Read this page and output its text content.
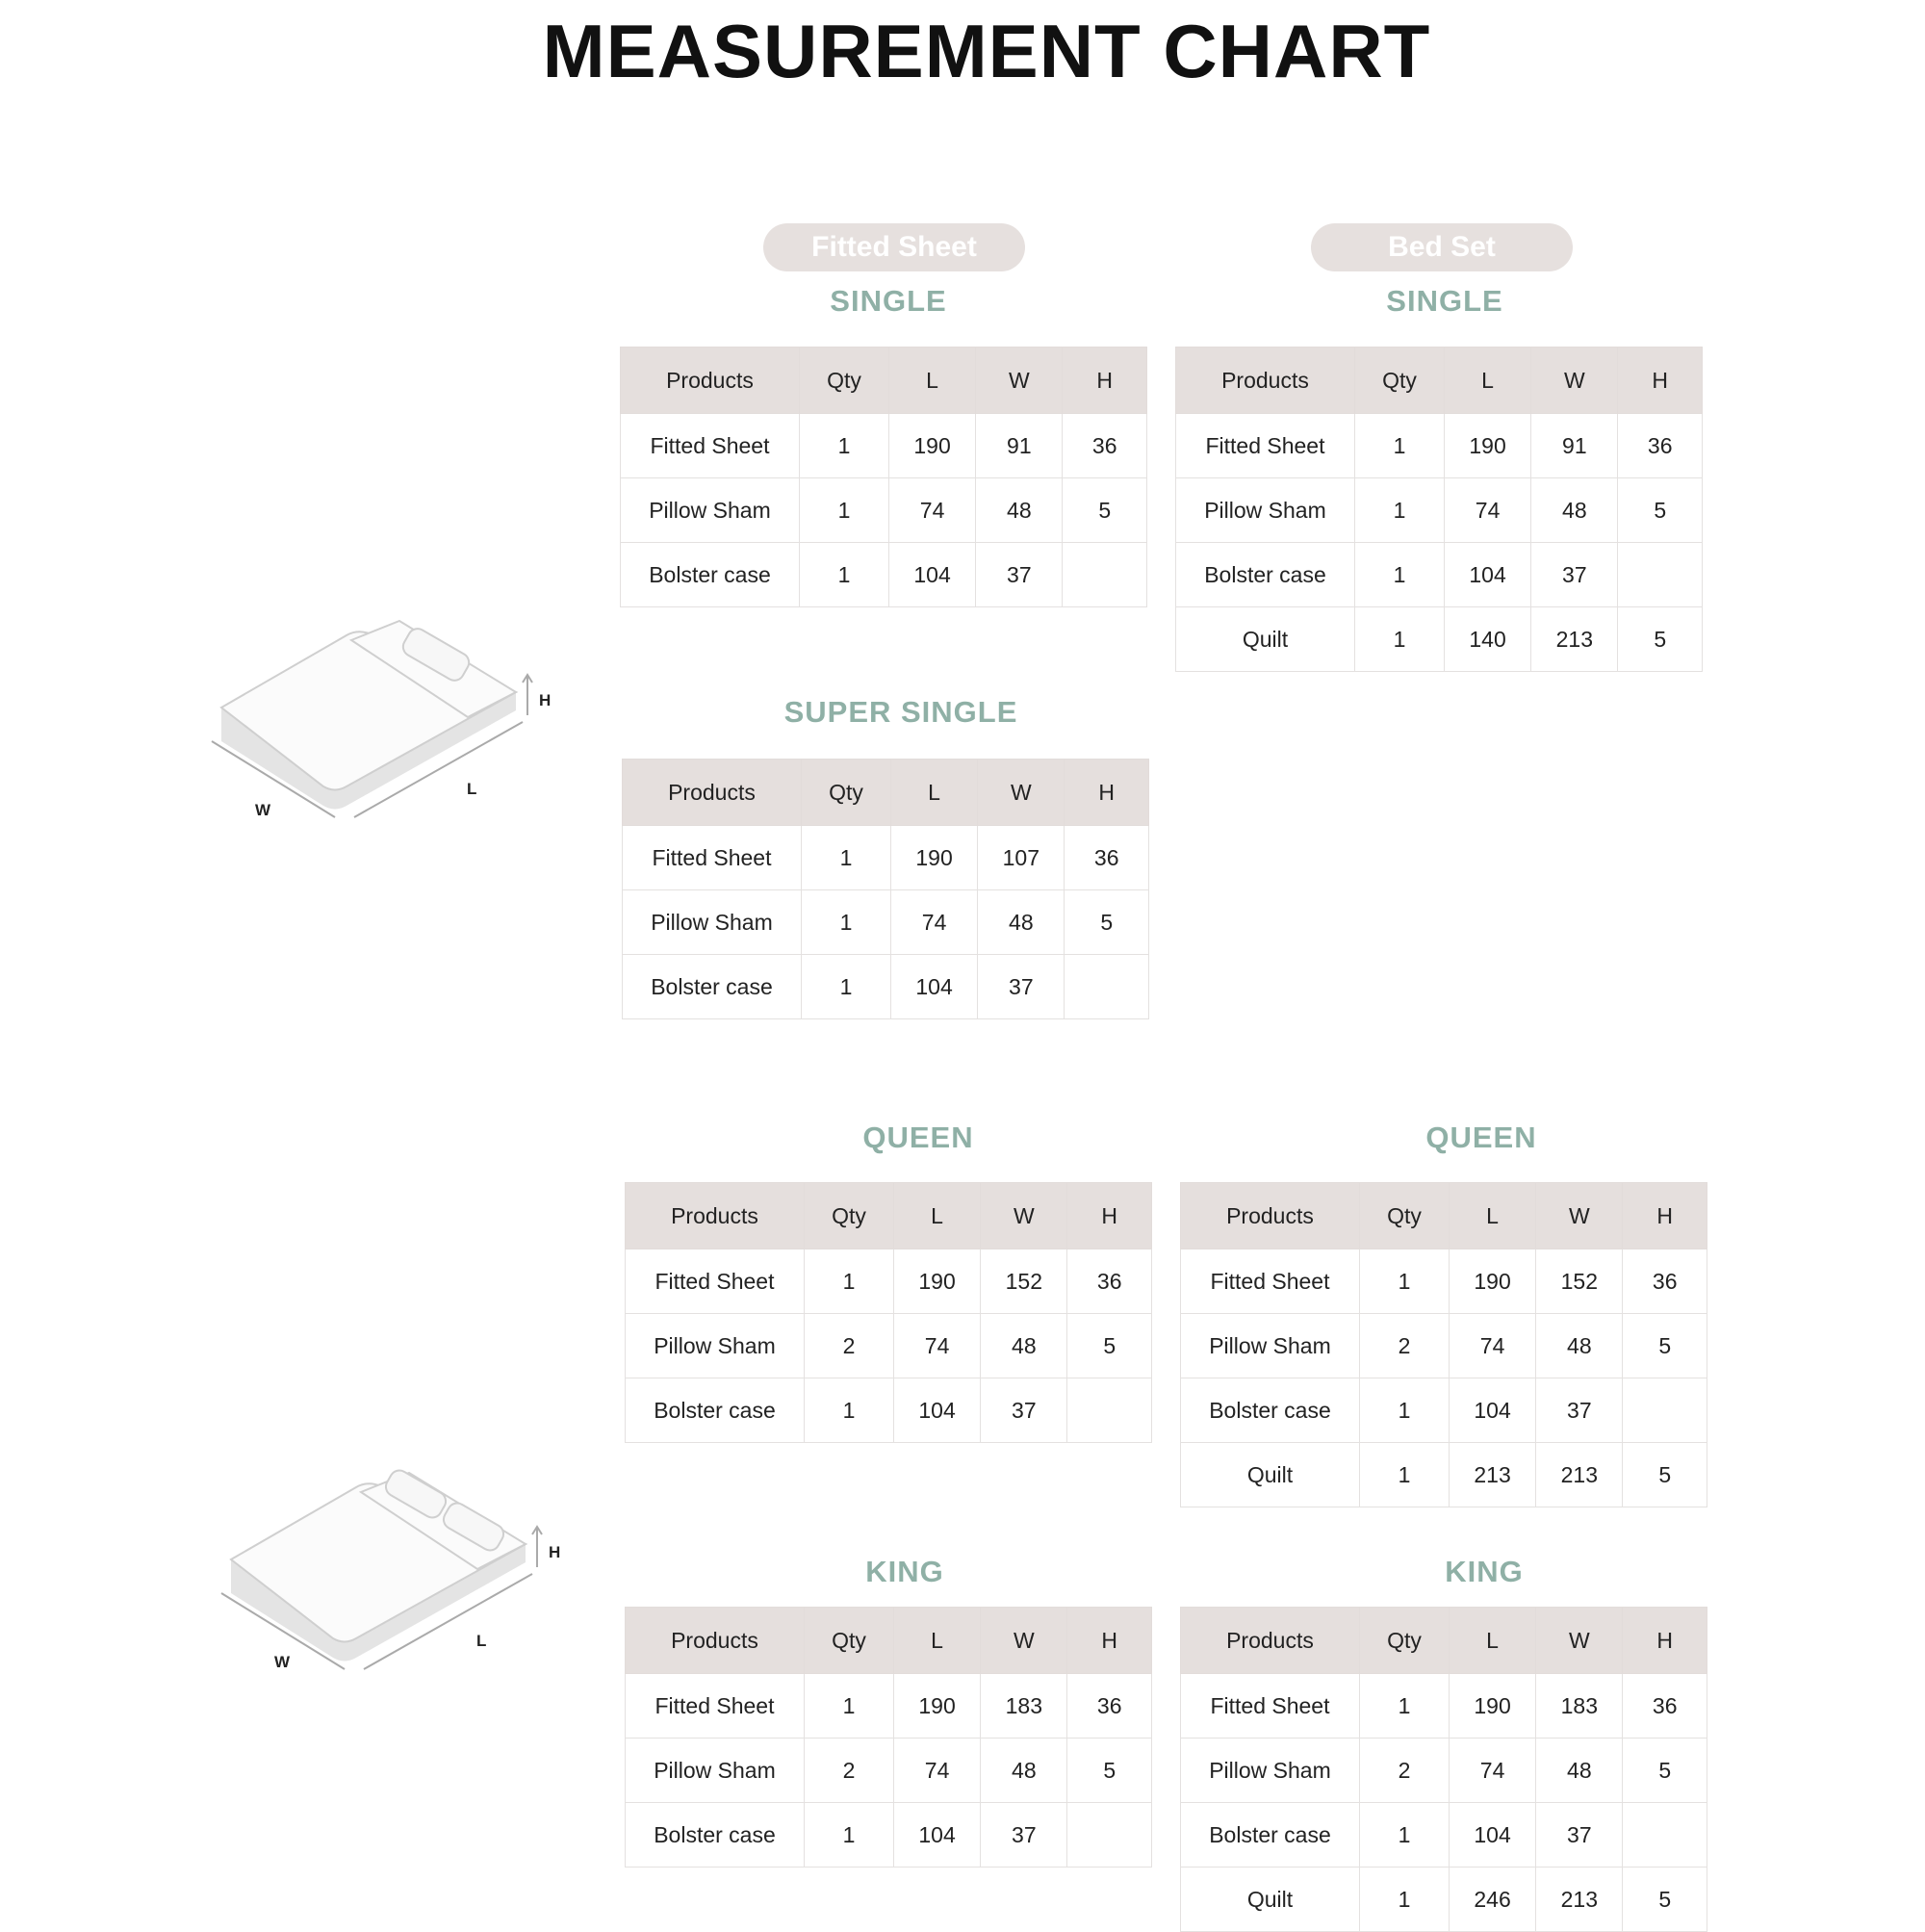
MEASUREMENT CHART
Fitted Sheet	Bed Set
W
L
H
W
L
H
SINGLE	SINGLE
SUPER SINGLE
QUEEN	QUEEN
KING	KING
Products	Qty	L	W	H
Fitted Sheet	1	190	91	36
Pillow Sham	1	74	48	5
Bolster case	1	104	37	
Products	Qty	L	W	H
Fitted Sheet	1	190	91	36
Pillow Sham	1	74	48	5
Bolster case	1	104	37	
Quilt	1	140	213	5
Products	Qty	L	W	H
Fitted Sheet	1	190	107	36
Pillow Sham	1	74	48	5
Bolster case	1	104	37	
Products	Qty	L	W	H
Fitted Sheet	1	190	152	36
Pillow Sham	2	74	48	5
Bolster case	1	104	37	
Products	Qty	L	W	H
Fitted Sheet	1	190	152	36
Pillow Sham	2	74	48	5
Bolster case	1	104	37	
Quilt	1	213	213	5
Products	Qty	L	W	H
Fitted Sheet	1	190	183	36
Pillow Sham	2	74	48	5
Bolster case	1	104	37	
Products	Qty	L	W	H
Fitted Sheet	1	190	183	36
Pillow Sham	2	74	48	5
Bolster case	1	104	37	
Quilt	1	246	213	5
